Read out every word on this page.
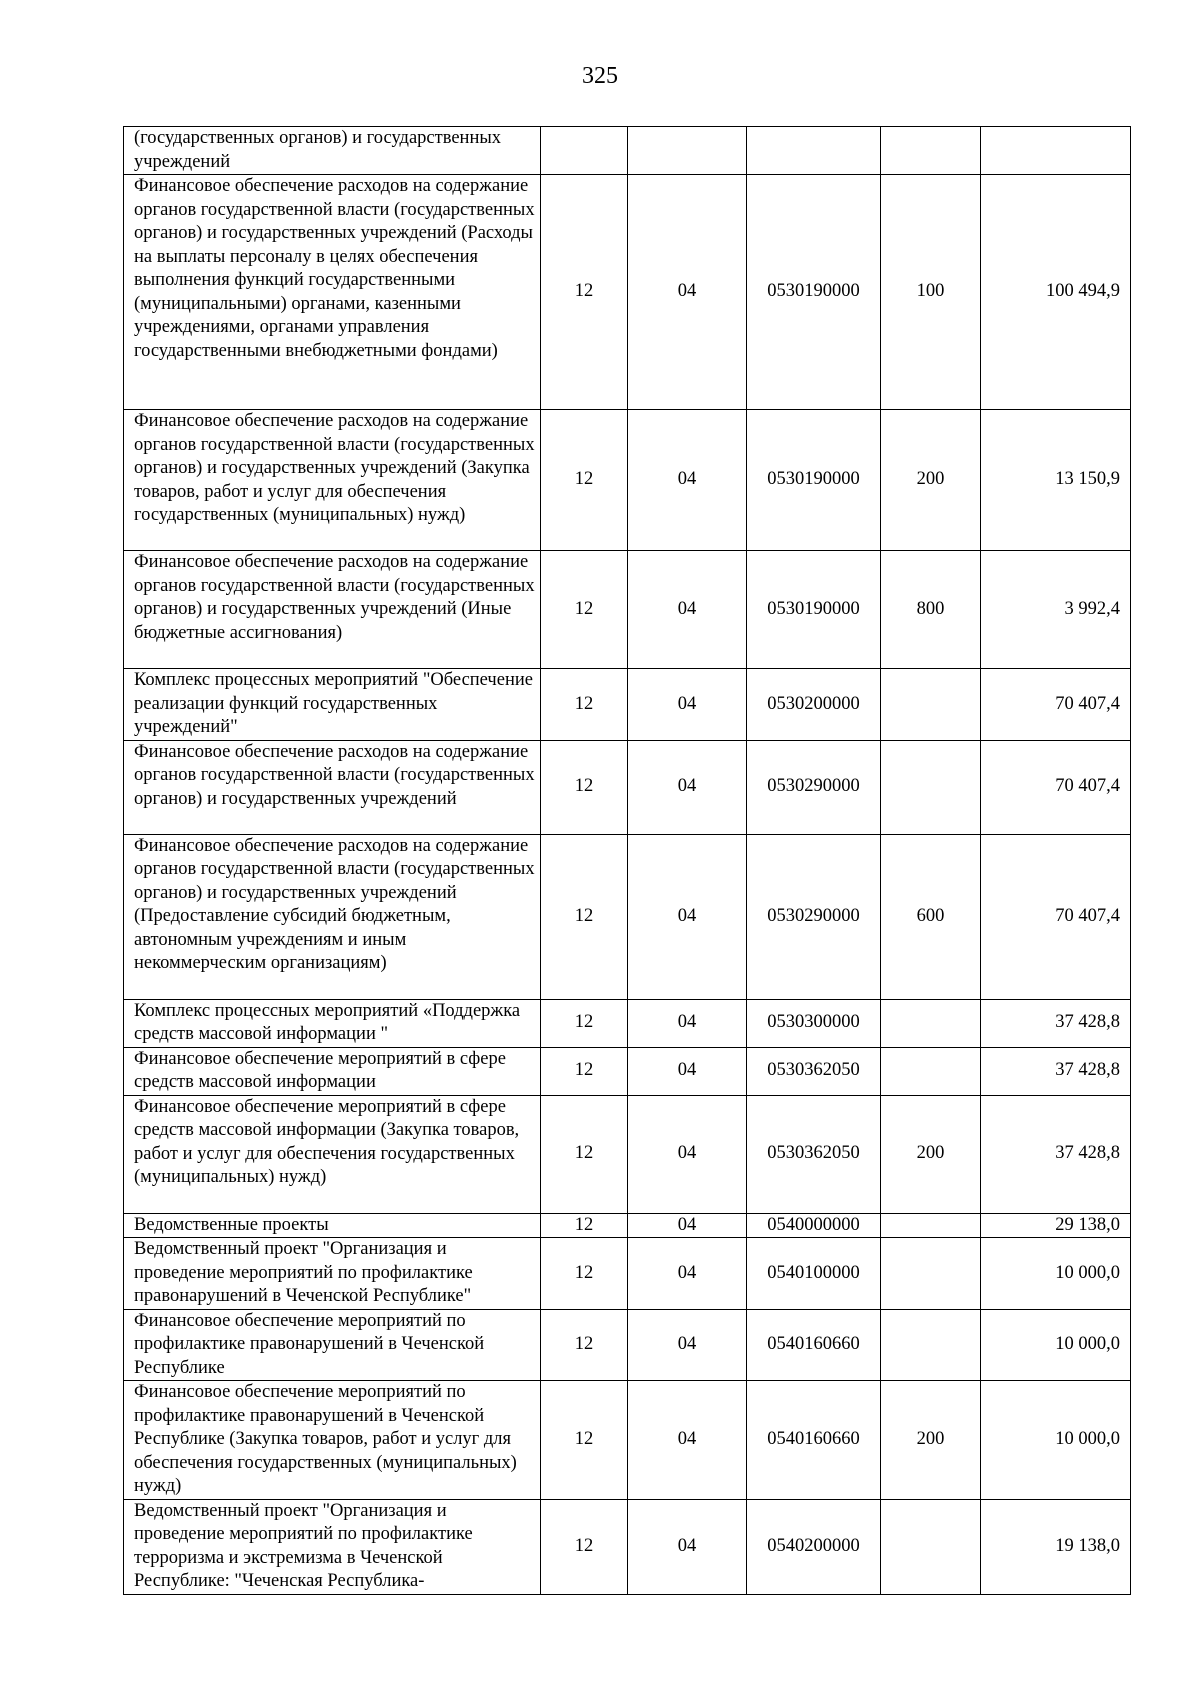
325
(государственных органов) и государственных учреждений					
Финансовое обеспечение расходов на содержание органов государственной власти (государственных органов) и государственных учреждений (Расходы на выплаты персоналу в целях обеспечения выполнения функций государственными (муниципальными) органами, казенными учреждениями, органами управления государственными внебюджетными фондами)	12	04	0530190000	100	100 494,9
Финансовое обеспечение расходов на содержание органов государственной власти (государственных органов) и государственных учреждений (Закупка товаров, работ и услуг для обеспечения государственных (муниципальных) нужд)	12	04	0530190000	200	13 150,9
Финансовое обеспечение расходов на содержание органов государственной власти (государственных органов) и государственных учреждений (Иные бюджетные ассигнования)	12	04	0530190000	800	3 992,4
Комплекс процессных мероприятий "Обеспечение реализации функций государственных учреждений"	12	04	0530200000		70 407,4
Финансовое обеспечение расходов на содержание органов государственной власти (государственных органов) и государственных учреждений	12	04	0530290000		70 407,4
Финансовое обеспечение расходов на содержание органов государственной власти (государственных органов) и государственных учреждений (Предоставление субсидий бюджетным, автономным учреждениям и иным некоммерческим организациям)	12	04	0530290000	600	70 407,4
Комплекс процессных мероприятий «Поддержка средств массовой информации "	12	04	0530300000		37 428,8
Финансовое обеспечение мероприятий в сфере средств массовой информации	12	04	0530362050		37 428,8
Финансовое обеспечение мероприятий в сфере средств массовой информации (Закупка товаров, работ и услуг для обеспечения государственных (муниципальных) нужд)	12	04	0530362050	200	37 428,8
Ведомственные проекты	12	04	0540000000		29 138,0
Ведомственный проект "Организация и проведение мероприятий по профилактике правонарушений в Чеченской Республике"	12	04	0540100000		10 000,0
Финансовое обеспечение мероприятий по профилактике правонарушений в Чеченской Республике	12	04	0540160660		10 000,0
Финансовое обеспечение мероприятий по профилактике правонарушений в Чеченской Республике (Закупка товаров, работ и услуг для обеспечения государственных (муниципальных) нужд)	12	04	0540160660	200	10 000,0
Ведомственный проект "Организация и проведение мероприятий по профилактике терроризма и экстремизма в Чеченской Республике: "Чеченская Республика-	12	04	0540200000		19 138,0
